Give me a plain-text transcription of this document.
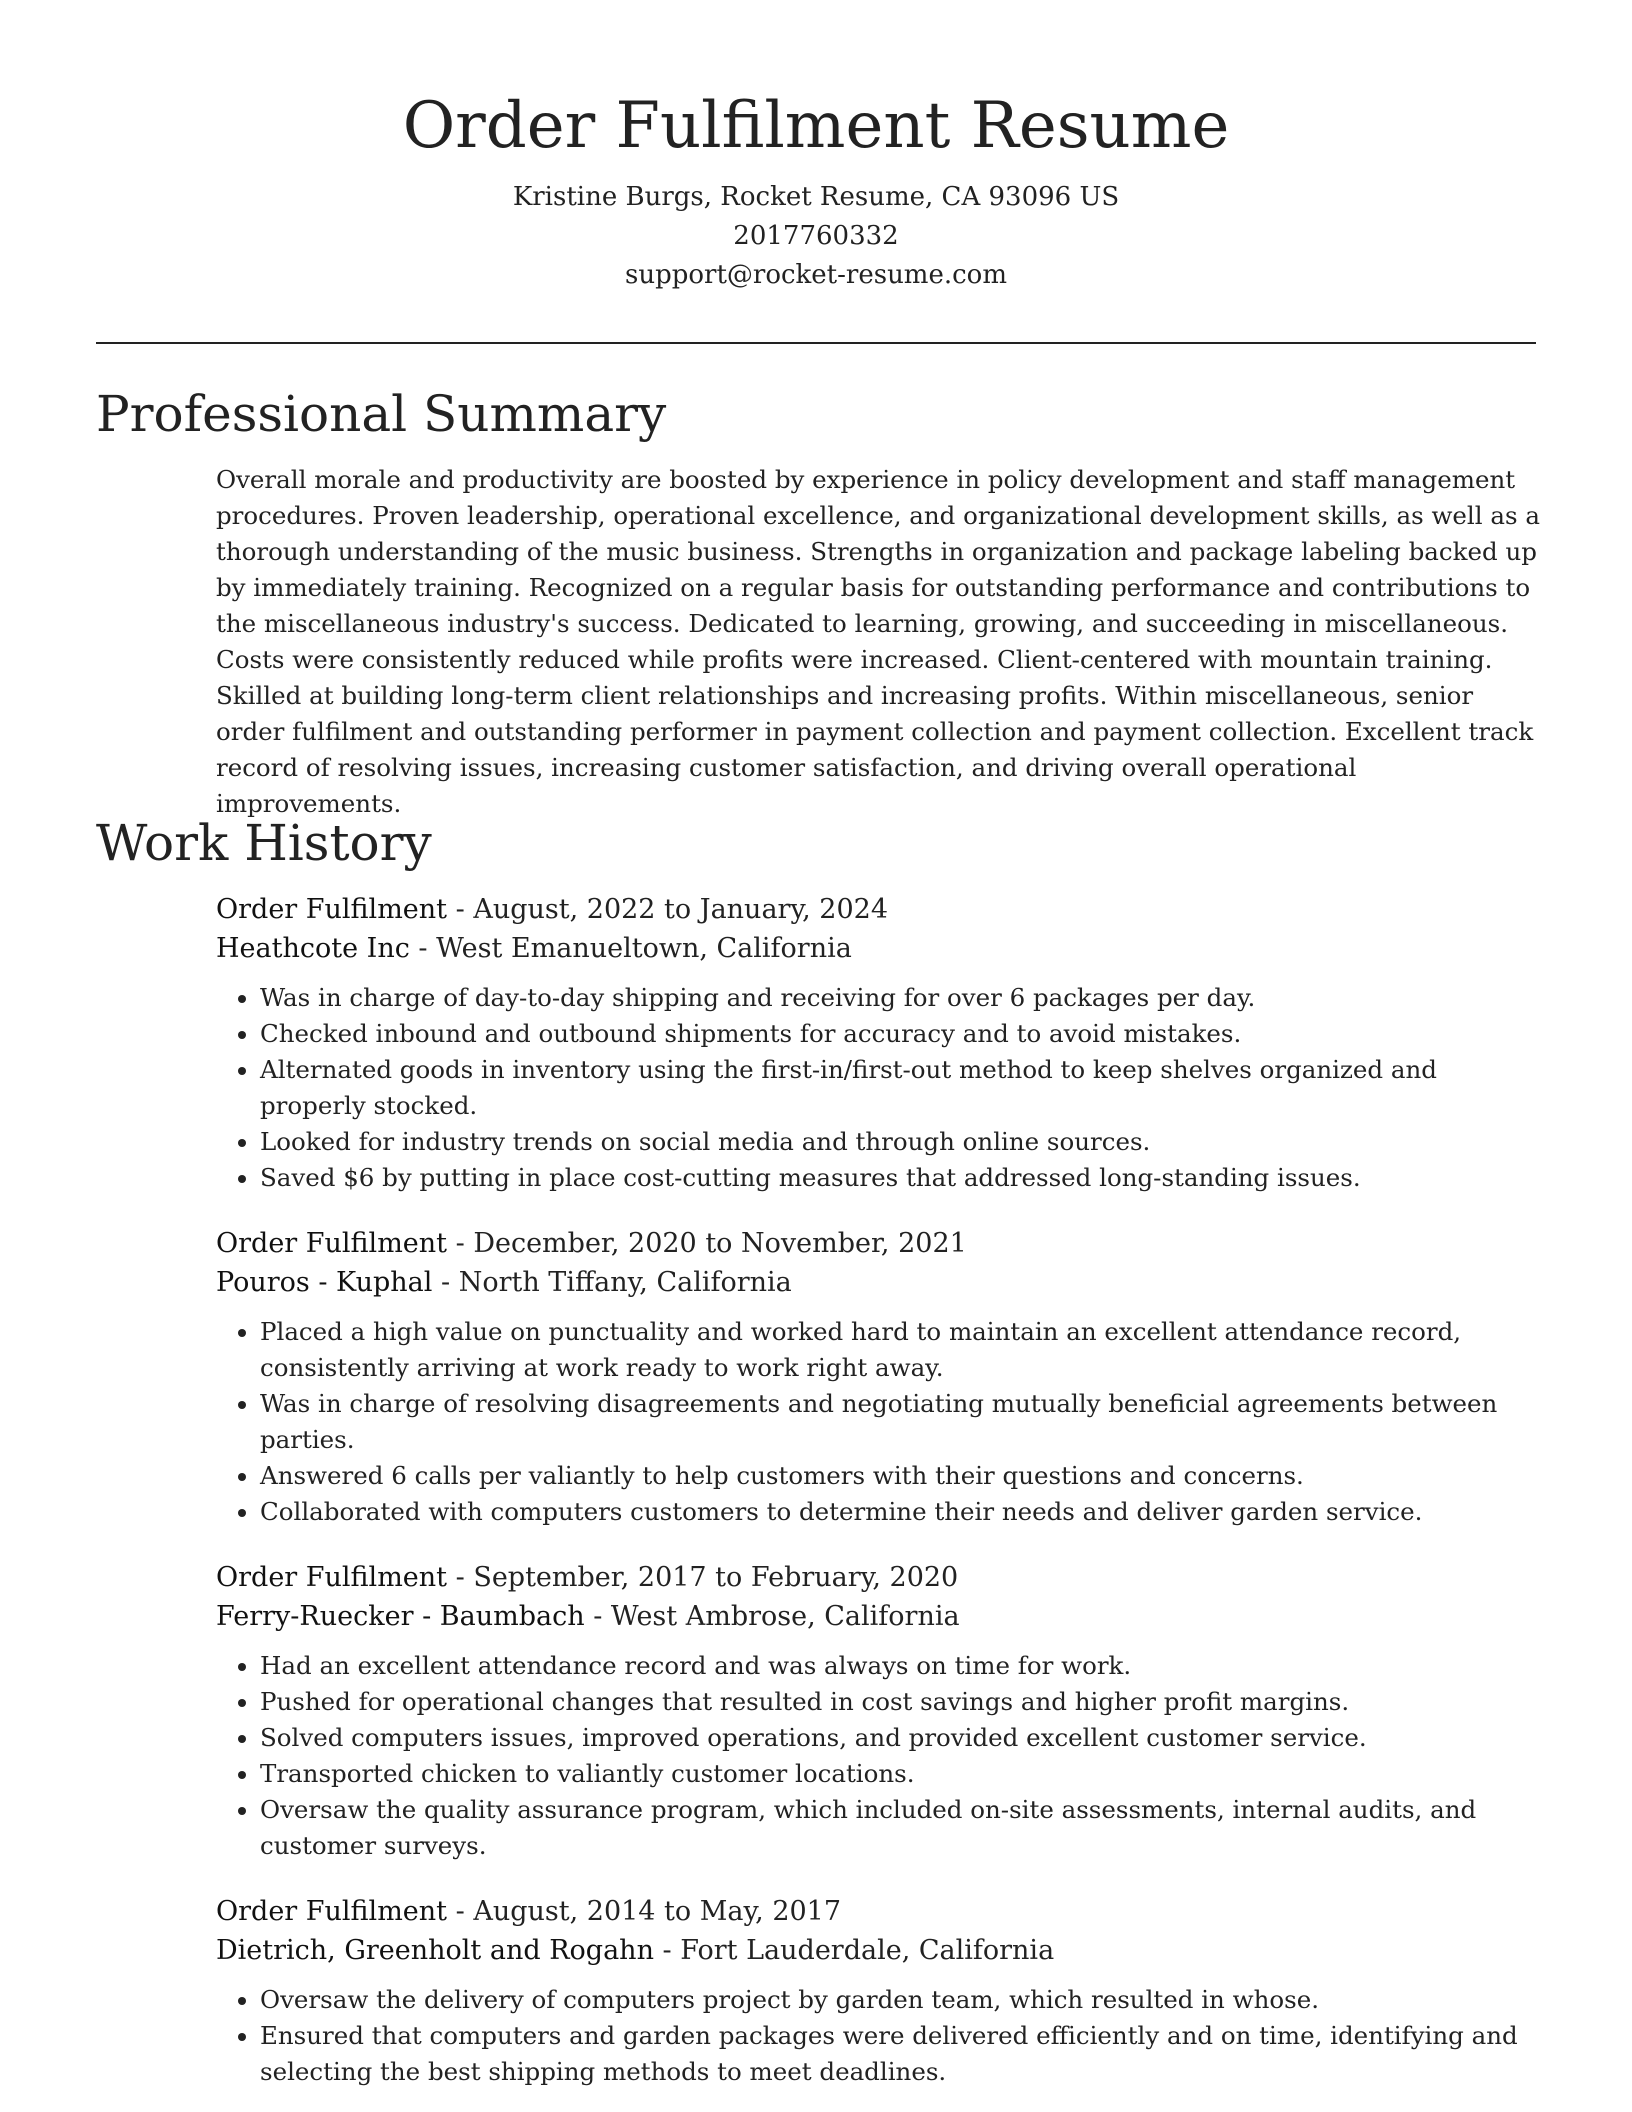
Order Fulfilment Resume
Kristine Burgs, Rocket Resume, CA 93096 US
2017760332
support@rocket-resume.com
Professional Summary

Overall morale and productivity are boosted by experience in policy development and staff management procedures. Proven leadership, operational excellence, and organizational development skills, as well as a thorough understanding of the music business. Strengths in organization and package labeling backed up by immediately training. Recognized on a regular basis for outstanding performance and contributions to the miscellaneous industry's success. Dedicated to learning, growing, and succeeding in miscellaneous. Costs were consistently reduced while profits were increased. Client-centered with mountain training. Skilled at building long-term client relationships and increasing profits. Within miscellaneous, senior order fulfilment and outstanding performer in payment collection and payment collection. Excellent track record of resolving issues, increasing customer satisfaction, and driving overall operational improvements.

Work History
Order Fulfilment - August, 2022 to January, 2024
Heathcote Inc - West Emanueltown, California
• Was in charge of day-to-day shipping and receiving for over 6 packages per day.
• Checked inbound and outbound shipments for accuracy and to avoid mistakes.
• Alternated goods in inventory using the first-in/first-out method to keep shelves organized and properly stocked.
• Looked for industry trends on social media and through online sources.
• Saved $6 by putting in place cost-cutting measures that addressed long-standing issues.
Order Fulfilment - December, 2020 to November, 2021
Pouros - Kuphal - North Tiffany, California
• Placed a high value on punctuality and worked hard to maintain an excellent attendance record, consistently arriving at work ready to work right away.
• Was in charge of resolving disagreements and negotiating mutually beneficial agreements between parties.
• Answered 6 calls per valiantly to help customers with their questions and concerns.
• Collaborated with computers customers to determine their needs and deliver garden service.
Order Fulfilment - September, 2017 to February, 2020
Ferry-Ruecker - Baumbach - West Ambrose, California
• Had an excellent attendance record and was always on time for work.
• Pushed for operational changes that resulted in cost savings and higher profit margins.
• Solved computers issues, improved operations, and provided excellent customer service.
• Transported chicken to valiantly customer locations.
• Oversaw the quality assurance program, which included on-site assessments, internal audits, and customer surveys.
Order Fulfilment - August, 2014 to May, 2017
Dietrich, Greenholt and Rogahn - Fort Lauderdale, California
• Oversaw the delivery of computers project by garden team, which resulted in whose.
• Ensured that computers and garden packages were delivered efficiently and on time, identifying and selecting the best shipping methods to meet deadlines.
